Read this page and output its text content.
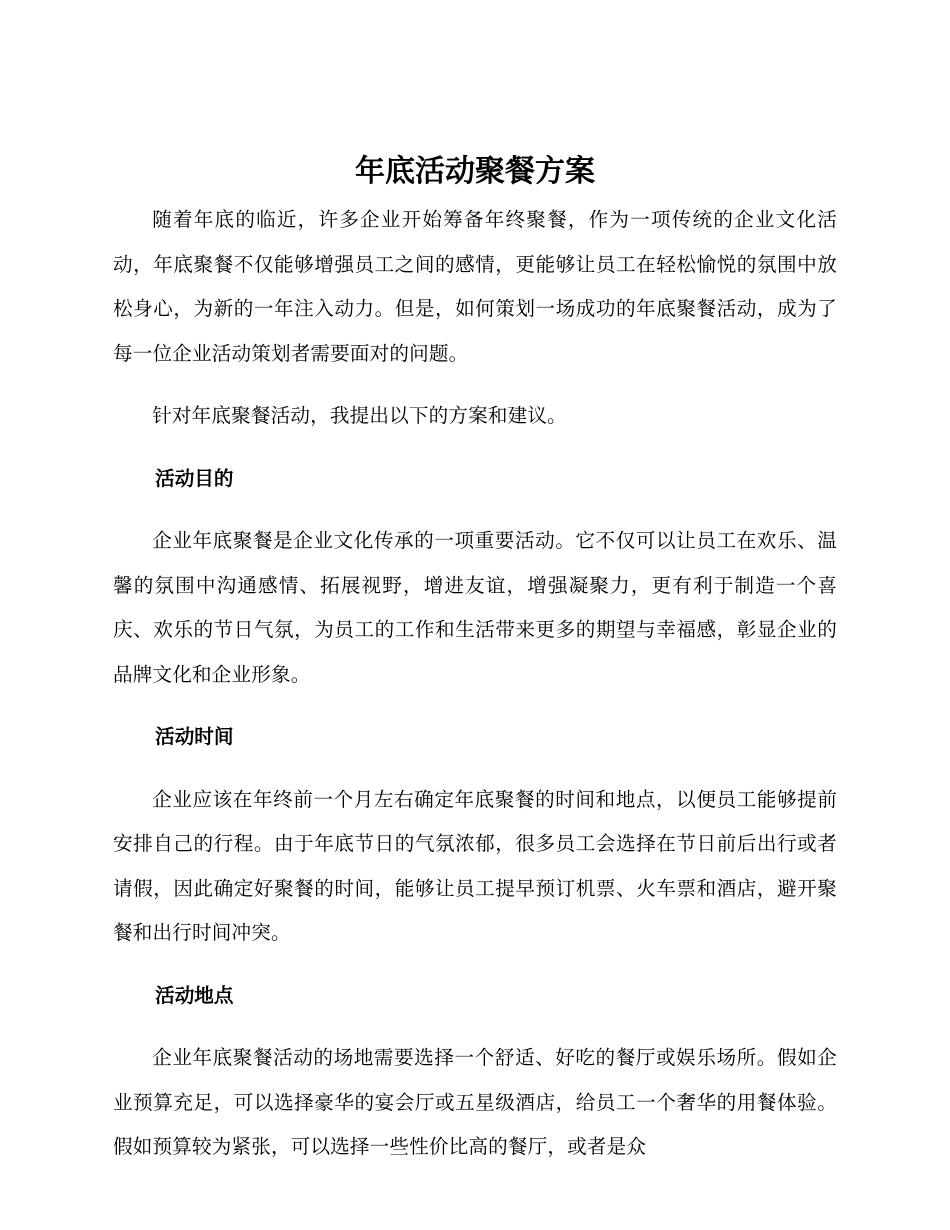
年底活动聚餐方案

随着年底的临近，许多企业开始筹备年终聚餐，作为一项传统的企业文化活动，年底聚餐不仅能够增强员工之间的感情，更能够让员工在轻松愉悦的氛围中放松身心，为新的一年注入动力。但是，如何策划一场成功的年底聚餐活动，成为了每一位企业活动策划者需要面对的问题。

针对年底聚餐活动，我提出以下的方案和建议。

活动目的

企业年底聚餐是企业文化传承的一项重要活动。它不仅可以让员工在欢乐、温馨的氛围中沟通感情、拓展视野，增进友谊，增强凝聚力，更有利于制造一个喜庆、欢乐的节日气氛，为员工的工作和生活带来更多的期望与幸福感，彰显企业的品牌文化和企业形象。

活动时间

企业应该在年终前一个月左右确定年底聚餐的时间和地点，以便员工能够提前安排自己的行程。由于年底节日的气氛浓郁，很多员工会选择在节日前后出行或者请假，因此确定好聚餐的时间，能够让员工提早预订机票、火车票和酒店，避开聚餐和出行时间冲突。

活动地点

企业年底聚餐活动的场地需要选择一个舒适、好吃的餐厅或娱乐场所。假如企业预算充足，可以选择豪华的宴会厅或五星级酒店，给员工一个奢华的用餐体验。假如预算较为紧张，可以选择一些性价比高的餐厅，或者是众
